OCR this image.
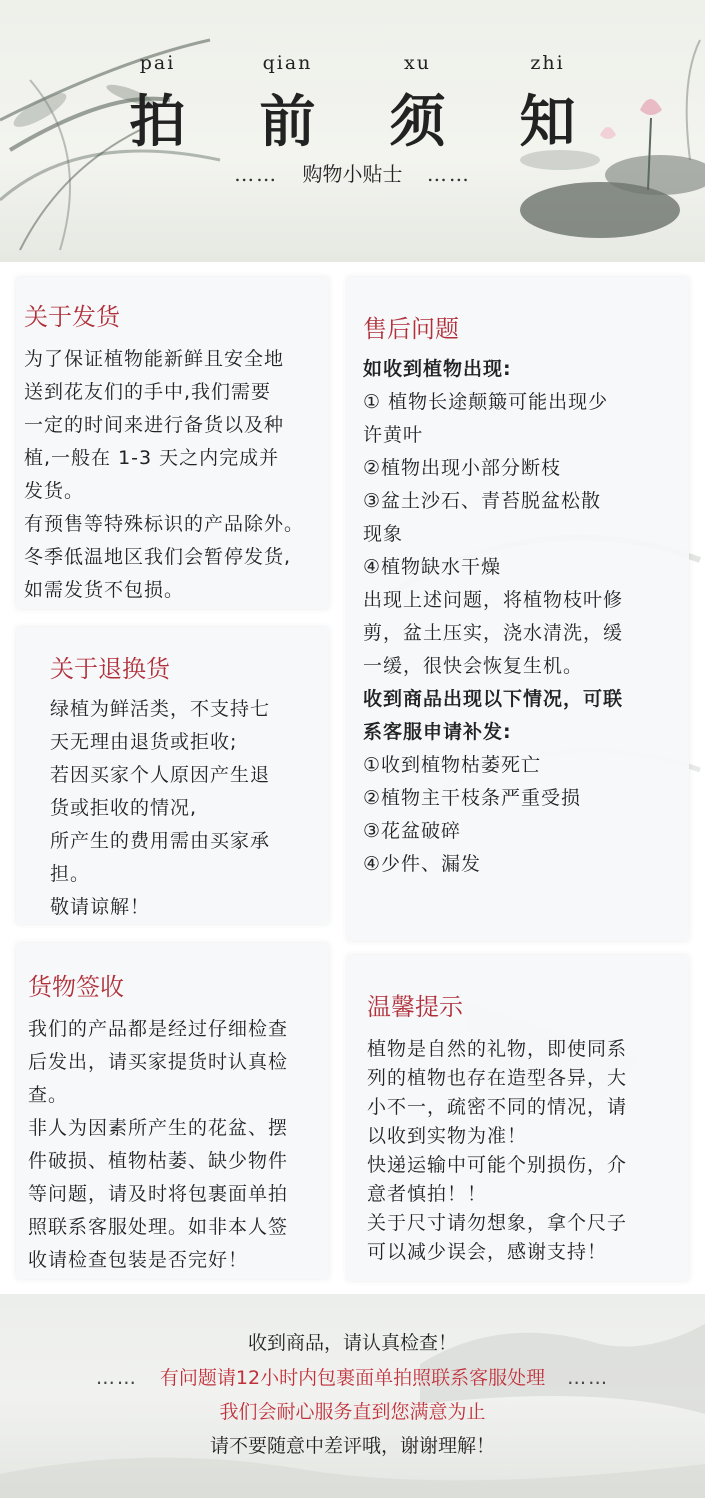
pai	qian	xu	zhi
拍 前 须 知
…… 购物小贴士 ……
关于发货

为了保证植物能新鲜且安全地

送到花友们的手中,我们需要

一定的时间来进行备货以及种

植,一般在 1-3 天之内完成并

发货。

有预售等特殊标识的产品除外。

冬季低温地区我们会暂停发货,

如需发货不包损。

关于退换货

绿植为鲜活类，不支持七

天无理由退货或拒收;

若因买家个人原因产生退

货或拒收的情况,

所产生的费用需由买家承

担。

敬请谅解！

售后问题

如收到植物出现:

① 植物长途颠簸可能出现少

许黄叶

②植物出现小部分断枝

③盆土沙石、青苔脱盆松散

现象

④植物缺水干燥

出现上述问题，将植物枝叶修

剪，盆土压实，浇水清洗，缓

一缓，很快会恢复生机。

收到商品出现以下情况，可联

系客服申请补发:

①收到植物枯萎死亡

②植物主干枝条严重受损

③花盆破碎

④少件、漏发

货物签收

我们的产品都是经过仔细检查

后发出，请买家提货时认真检

查。

非人为因素所产生的花盆、摆

件破损、植物枯萎、缺少物件

等问题，请及时将包裹面单拍

照联系客服处理。如非本人签

收请检查包装是否完好！

温馨提示

植物是自然的礼物，即使同系

列的植物也存在造型各异，大

小不一，疏密不同的情况，请

以收到实物为准！

快递运输中可能个别损伤，介

意者慎拍！！

关于尺寸请勿想象，拿个尺子

可以减少误会，感谢支持！

收到商品，请认真检查！
…… 有问题请12小时内包裹面单拍照联系客服处理 ……
我们会耐心服务直到您满意为止
请不要随意中差评哦，谢谢理解！
